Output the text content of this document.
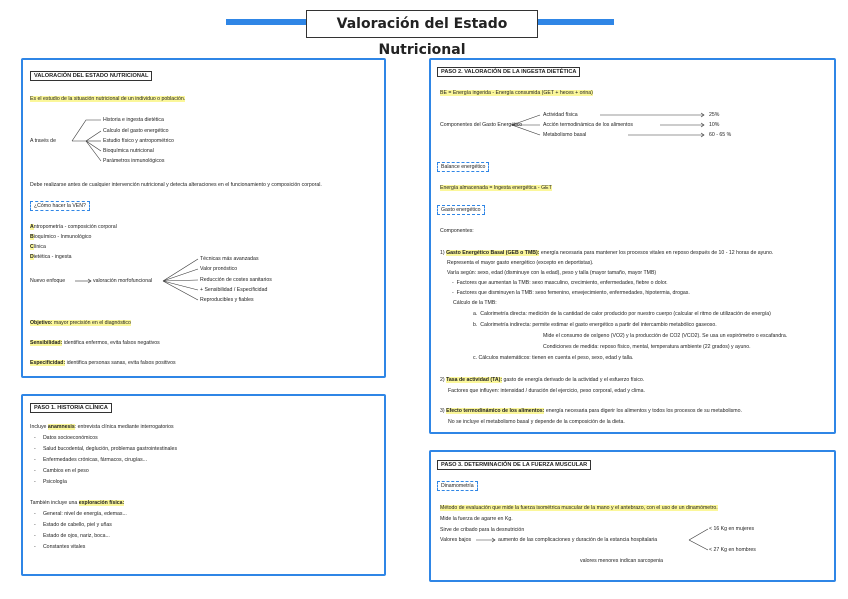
Valoración del Estado Nutricional
VALORACIÓN DEL ESTADO NUTRICIONAL
Es el estudio de la situación nutricional de un individuo o población.
A través de
Historia e ingesta dietética
Calculo del gasto energético
Estudio físico y antropométrico
Bioquímica nutricional
Parámetros inmunológicos
Debe realizarse antes de cualquier intervención nutricional y detecta alteraciones en el funcionamiento y composición corporal.
¿Cómo hacer la VEN?
Antropometría - composición corporal
Bioquímico - Inmunológico
Clínica
Dietética - ingesta
Nuevo enfoque	valoración morfofuncional
Técnicas más avanzadas
Valor pronóstico
Reducción de costes sanitarios
+ Sensibilidad / Especificidad
Reproducibles y fiables
Objetivo: mayor precisión en el diagnóstico
Sensibilidad: identifica enfermos, evita falsos negativos
Especificidad: identifica personas sanas, evita falsos positivos
PASO 1. HISTORIA CLÍNICA
Incluye anamnesis: entrevista clínica mediante interrogatorios
-     Datos socioeconómicos
-     Salud bucodental, deglución, problemas gastrointestinales
-     Enfermedades crónicas, fármacos, cirugías...
-     Cambios en el peso
-     Psicología
También incluye una exploración física:
-     General: nivel de energía, edemas...
-     Estado de cabello, piel y uñas
-     Estado de ojos, nariz, boca...
-     Constantes vitales
PASO 2. VALORACIÓN DE LA INGESTA DIETÉTICA
BE = Energía ingerida - Energía consumida (GET + heces + orina)
Componentes del Gasto Energético
Actividad física
Acción termodinámica de los alimentos
Metabolismo basal
25%
10%
60 - 65 %
Balance energético
Energía almacenada = Ingesta energética - GET
Gasto energético
Componentes:
1) Gasto Energético Basal (GEB o TMB): energía necesaria para mantener los procesos vitales en reposo después de 10 - 12 horas de ayuno.
Representa el mayor gasto energético (excepto en deportistas).
Varía según: sexo, edad (disminuye con la edad), peso y talla (mayor tamaño, mayor TMB)
-  Factores que aumentan la TMB: sexo masculino, crecimiento, enfermedades, fiebre o dolor.
-  Factores que disminuyen la TMB: sexo femenino, envejecimiento, enfermedades, hipotermia, drogas.
Cálculo de la TMB:
a. Calorimetría directa: medición de la cantidad de calor producido por nuestro cuerpo (calcular el ritmo de utilización de energía)
b. Calorimetría indirecta: permite estimar el gasto energético a partir del intercambio metabólico gaseoso.
Mide el consumo de oxígeno (VO2) y la producción de CO2 (VCO2). Se usa un espirómetro o escafandra.
Condiciones de medida: reposo físico, mental, temperatura ambiente (22 grados) y ayuno.
c. Cálculos matemáticos: tienen en cuenta el peso, sexo, edad y talla.
2) Tasa de actividad (TA): gasto de energía derivado de la actividad y el esfuerzo físico.
Factores que influyen: intensidad / duración del ejercicio, peso corporal, edad y clima.
3) Efecto termodinámico de los alimentos: energía necesaria para digerir los alimentos y todos los procesos de su metabolismo.
No se incluye el metabolismo basal y depende de la composición de la dieta.
PASO 3. DETERMINACIÓN DE LA FUERZA MUSCULAR
Dinamometría
Método de evaluación que mide la fuerza isométrica muscular de la mano y el antebrazo, con el uso de un dinamómetro.
Mide la fuerza de agarre en Kg.
Sirve de cribado para la desnutrición
Valores bajos	aumento de las complicaciones y duración de la estancia hospitalaria
< 16 Kg en mujeres
< 27 Kg en hombres
valores menores indican sarcopenia
